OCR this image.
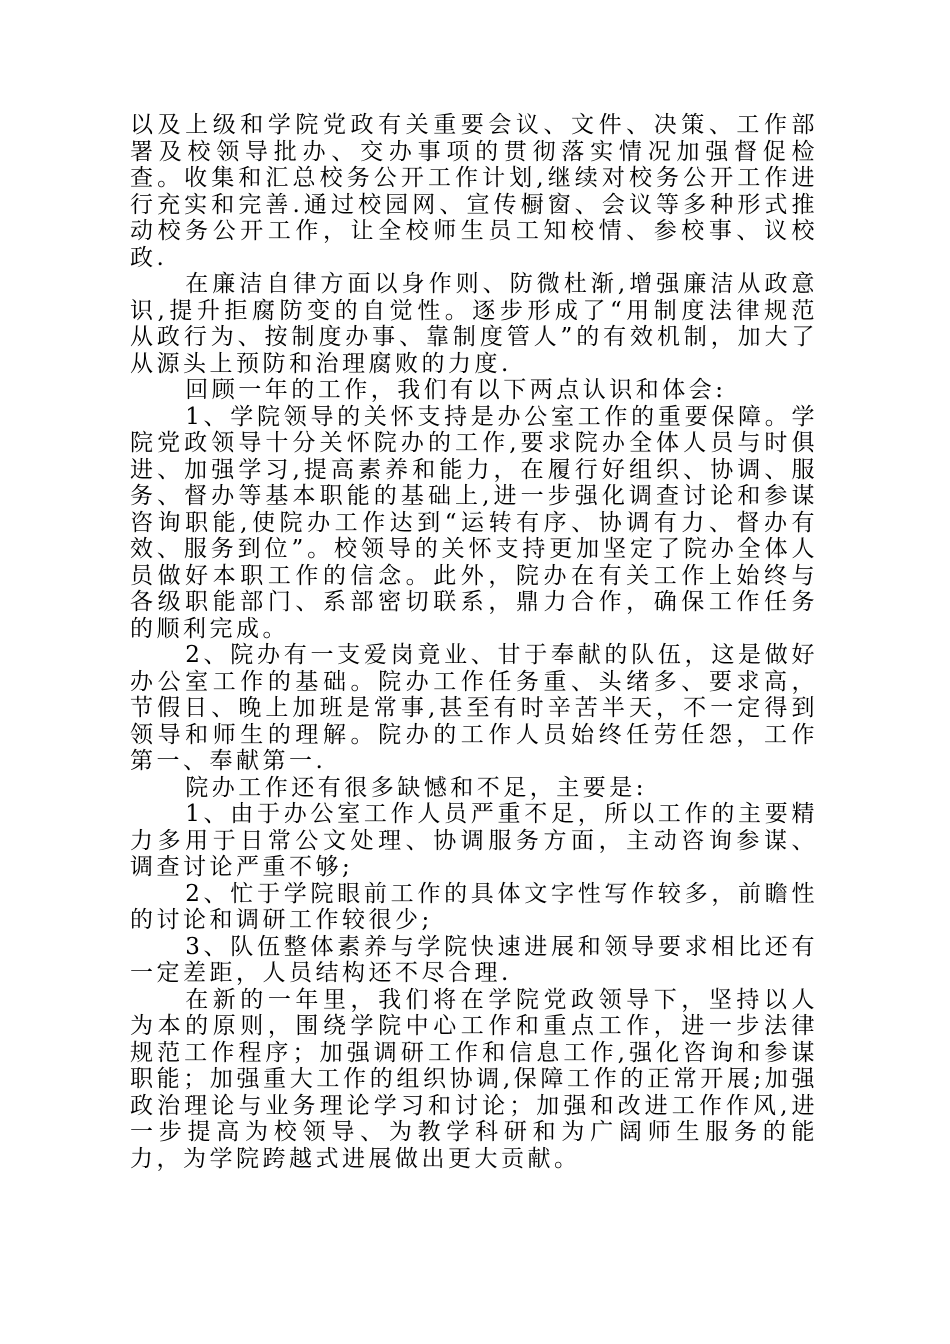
以及上级和学院党政有关重要会议、文件、决策、工作部署及校领导批办、交办事项的贯彻落实情况加强督促检查。收集和汇总校务公开工作计划,继续对校务公开工作进行充实和完善.通过校园网、宣传橱窗、会议等多种形式推动校务公开工作，让全校师生员工知校情、参校事、议校政.

在廉洁自律方面以身作则、防微杜渐,增强廉洁从政意识,提升拒腐防变的自觉性。逐步形成了“用制度法律规范从政行为、按制度办事、靠制度管人”的有效机制，加大了从源头上预防和治理腐败的力度.

回顾一年的工作，我们有以下两点认识和体会:

1、学院领导的关怀支持是办公室工作的重要保障。学院党政领导十分关怀院办的工作,要求院办全体人员与时俱进、加强学习,提高素养和能力，在履行好组织、协调、服务、督办等基本职能的基础上,进一步强化调查讨论和参谋咨询职能,使院办工作达到“运转有序、协调有力、督办有效、服务到位”。校领导的关怀支持更加坚定了院办全体人员做好本职工作的信念。此外，院办在有关工作上始终与各级职能部门、系部密切联系，鼎力合作，确保工作任务的顺利完成。

2、院办有一支爱岗竟业、甘于奉献的队伍，这是做好办公室工作的基础。院办工作任务重、头绪多、要求高，节假日、晚上加班是常事,甚至有时辛苦半天，不一定得到领导和师生的理解。院办的工作人员始终任劳任怨，工作第一、奉献第一.

院办工作还有很多缺憾和不足，主要是:

1、由于办公室工作人员严重不足，所以工作的主要精力多用于日常公文处理、协调服务方面，主动咨询参谋、调查讨论严重不够;

2、忙于学院眼前工作的具体文字性写作较多，前瞻性的讨论和调研工作较很少;

3、队伍整体素养与学院快速进展和领导要求相比还有一定差距，人员结构还不尽合理.

在新的一年里，我们将在学院党政领导下，坚持以人为本的原则，围绕学院中心工作和重点工作，进一步法律规范工作程序；加强调研工作和信息工作,强化咨询和参谋职能；加强重大工作的组织协调,保障工作的正常开展;加强政治理论与业务理论学习和讨论；加强和改进工作作风,进一步提高为校领导、为教学科研和为广阔师生服务的能力，为学院跨越式进展做出更大贡献。
